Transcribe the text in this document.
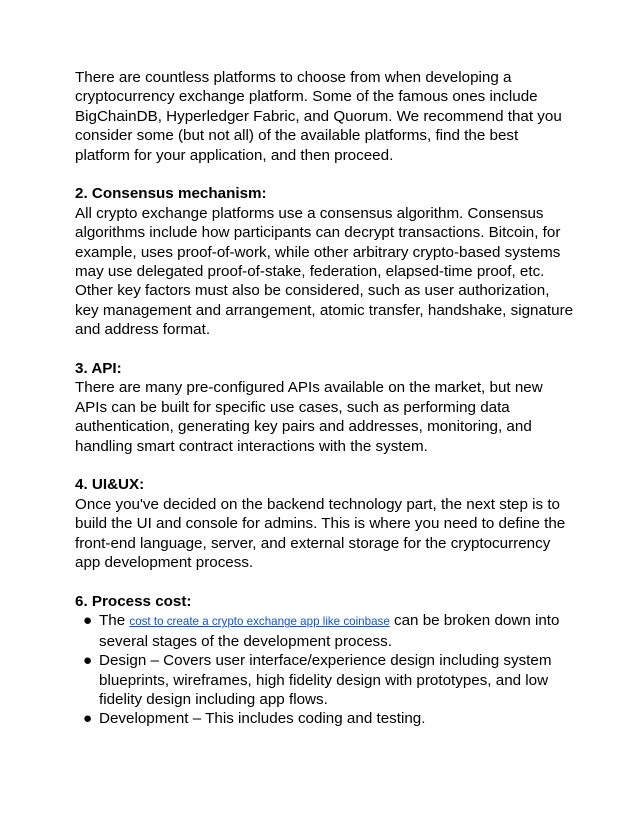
There are countless platforms to choose from when developing a cryptocurrency exchange platform. Some of the famous ones include BigChainDB, Hyperledger Fabric, and Quorum. We recommend that you consider some (but not all) of the available platforms, find the best platform for your application, and then proceed.

2. Consensus mechanism:

All crypto exchange platforms use a consensus algorithm. Consensus algorithms include how participants can decrypt transactions. Bitcoin, for example, uses proof-of-work, while other arbitrary crypto-based systems may use delegated proof-of-stake, federation, elapsed-time proof, etc. Other key factors must also be considered, such as user authorization, key management and arrangement, atomic transfer, handshake, signature and address format.

3. API:

There are many pre-configured APIs available on the market, but new APIs can be built for specific use cases, such as performing data authentication, generating key pairs and addresses, monitoring, and handling smart contract interactions with the system.

4. UI&UX:

Once you've decided on the backend technology part, the next step is to build the UI and console for admins. This is where you need to define the front-end language, server, and external storage for the cryptocurrency app development process.

6. Process cost:

● The cost to create a crypto exchange app like coinbase can be broken down into several stages of the development process.
● Design – Covers user interface/experience design including system blueprints, wireframes, high fidelity design with prototypes, and low fidelity design including app flows.
● Development – This includes coding and testing.
